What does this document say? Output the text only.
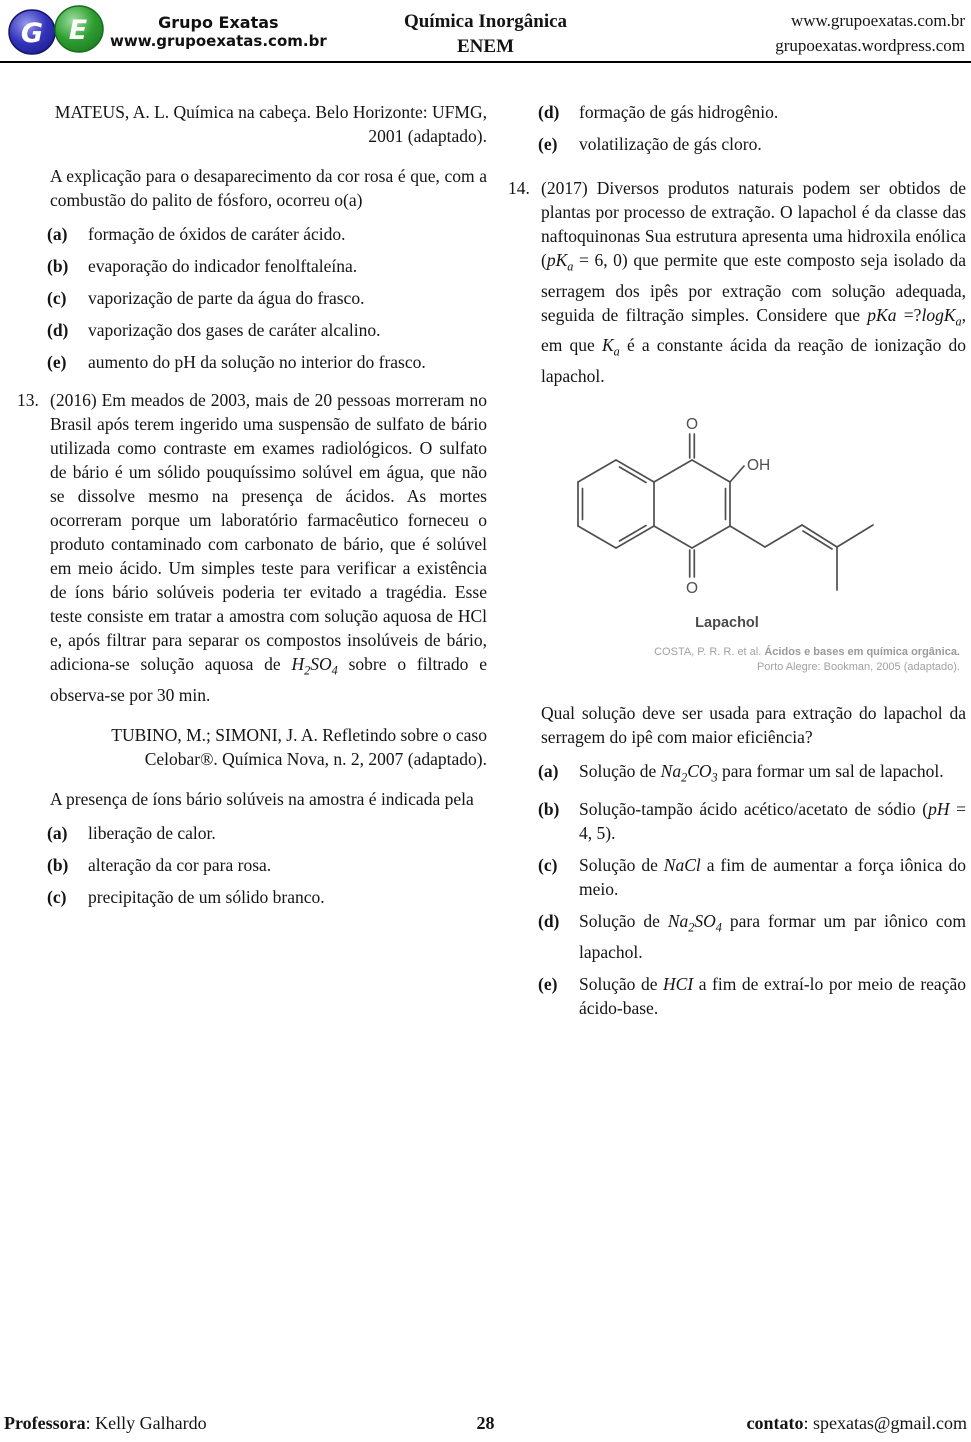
G E	Grupo Exatas
www.grupoexatas.com.br
Química Inorgânica
ENEM
www.grupoexatas.com.br
grupoexatas.wordpress.com
MATEUS, A. L. Química na cabeça. Belo Horizonte: UFMG, 2001 (adaptado).
A explicação para o desaparecimento da cor rosa é que, com a combustão do palito de fósforo, ocorreu o(a)
(a)	formação de óxidos de caráter ácido.
(b)	evaporação do indicador fenolftaleína.
(c)	vaporização de parte da água do frasco.
(d)	vaporização dos gases de caráter alcalino.
(e)	aumento do pH da solução no interior do frasco.
13. (2016) Em meados de 2003, mais de 20 pessoas morreram no Brasil após terem ingerido uma suspensão de sulfato de bário utilizada como contraste em exames radiológicos. O sulfato de bário é um sólido pouquíssimo solúvel em água, que não se dissolve mesmo na presença de ácidos. As mortes ocorreram porque um laboratório farmacêutico forneceu o produto contaminado com carbonato de bário, que é solúvel em meio ácido. Um simples teste para verificar a existência de íons bário solúveis poderia ter evitado a tragédia. Esse teste consiste em tratar a amostra com solução aquosa de HCl e, após filtrar para separar os compostos insolúveis de bário, adiciona-se solução aquosa de $H_2SO_4$ sobre o filtrado e observa-se por 30 min.
TUBINO, M.; SIMONI, J. A. Refletindo sobre o caso Celobar®. Química Nova, n. 2, 2007 (adaptado).
A presença de íons bário solúveis na amostra é indicada pela
(a)	liberação de calor.
(b)	alteração da cor para rosa.
(c)	precipitação de um sólido branco.
(d)	formação de gás hidrogênio.
(e)	volatilização de gás cloro.
14. (2017) Diversos produtos naturais podem ser obtidos de plantas por processo de extração. O lapachol é da classe das naftoquinonas Sua estrutura apresenta uma hidroxila enólica ($pK_a = 6$, 0) que permite que este composto seja isolado da serragem dos ipês por extração com solução adequada, seguida de filtração simples. Considere que pKa =?logK$_a$, em que $K_a$ é a constante ácida da reação de ionização do lapachol.
O
OH
O
Lapachol
COSTA, P. R. R. et al. Ácidos e bases em química orgânica.
Porto Alegre: Bookman, 2005 (adaptado).
Qual solução deve ser usada para extração do lapachol da serragem do ipê com maior eficiência?
(a)	Solução de $Na_2CO_3$ para formar um sal de lapachol.
(b)	Solução-tampão ácido acético/acetato de sódio (pH = 4, 5).
(c)	Solução de NaCl a fim de aumentar a força iônica do meio.
(d)	Solução de $Na_2SO_4$ para formar um par iônico com lapachol.
(e)	Solução de HCI a fim de extraí-lo por meio de reação ácido-base.
Professora: Kelly Galhardo	28	contato: spexatas@gmail.com
